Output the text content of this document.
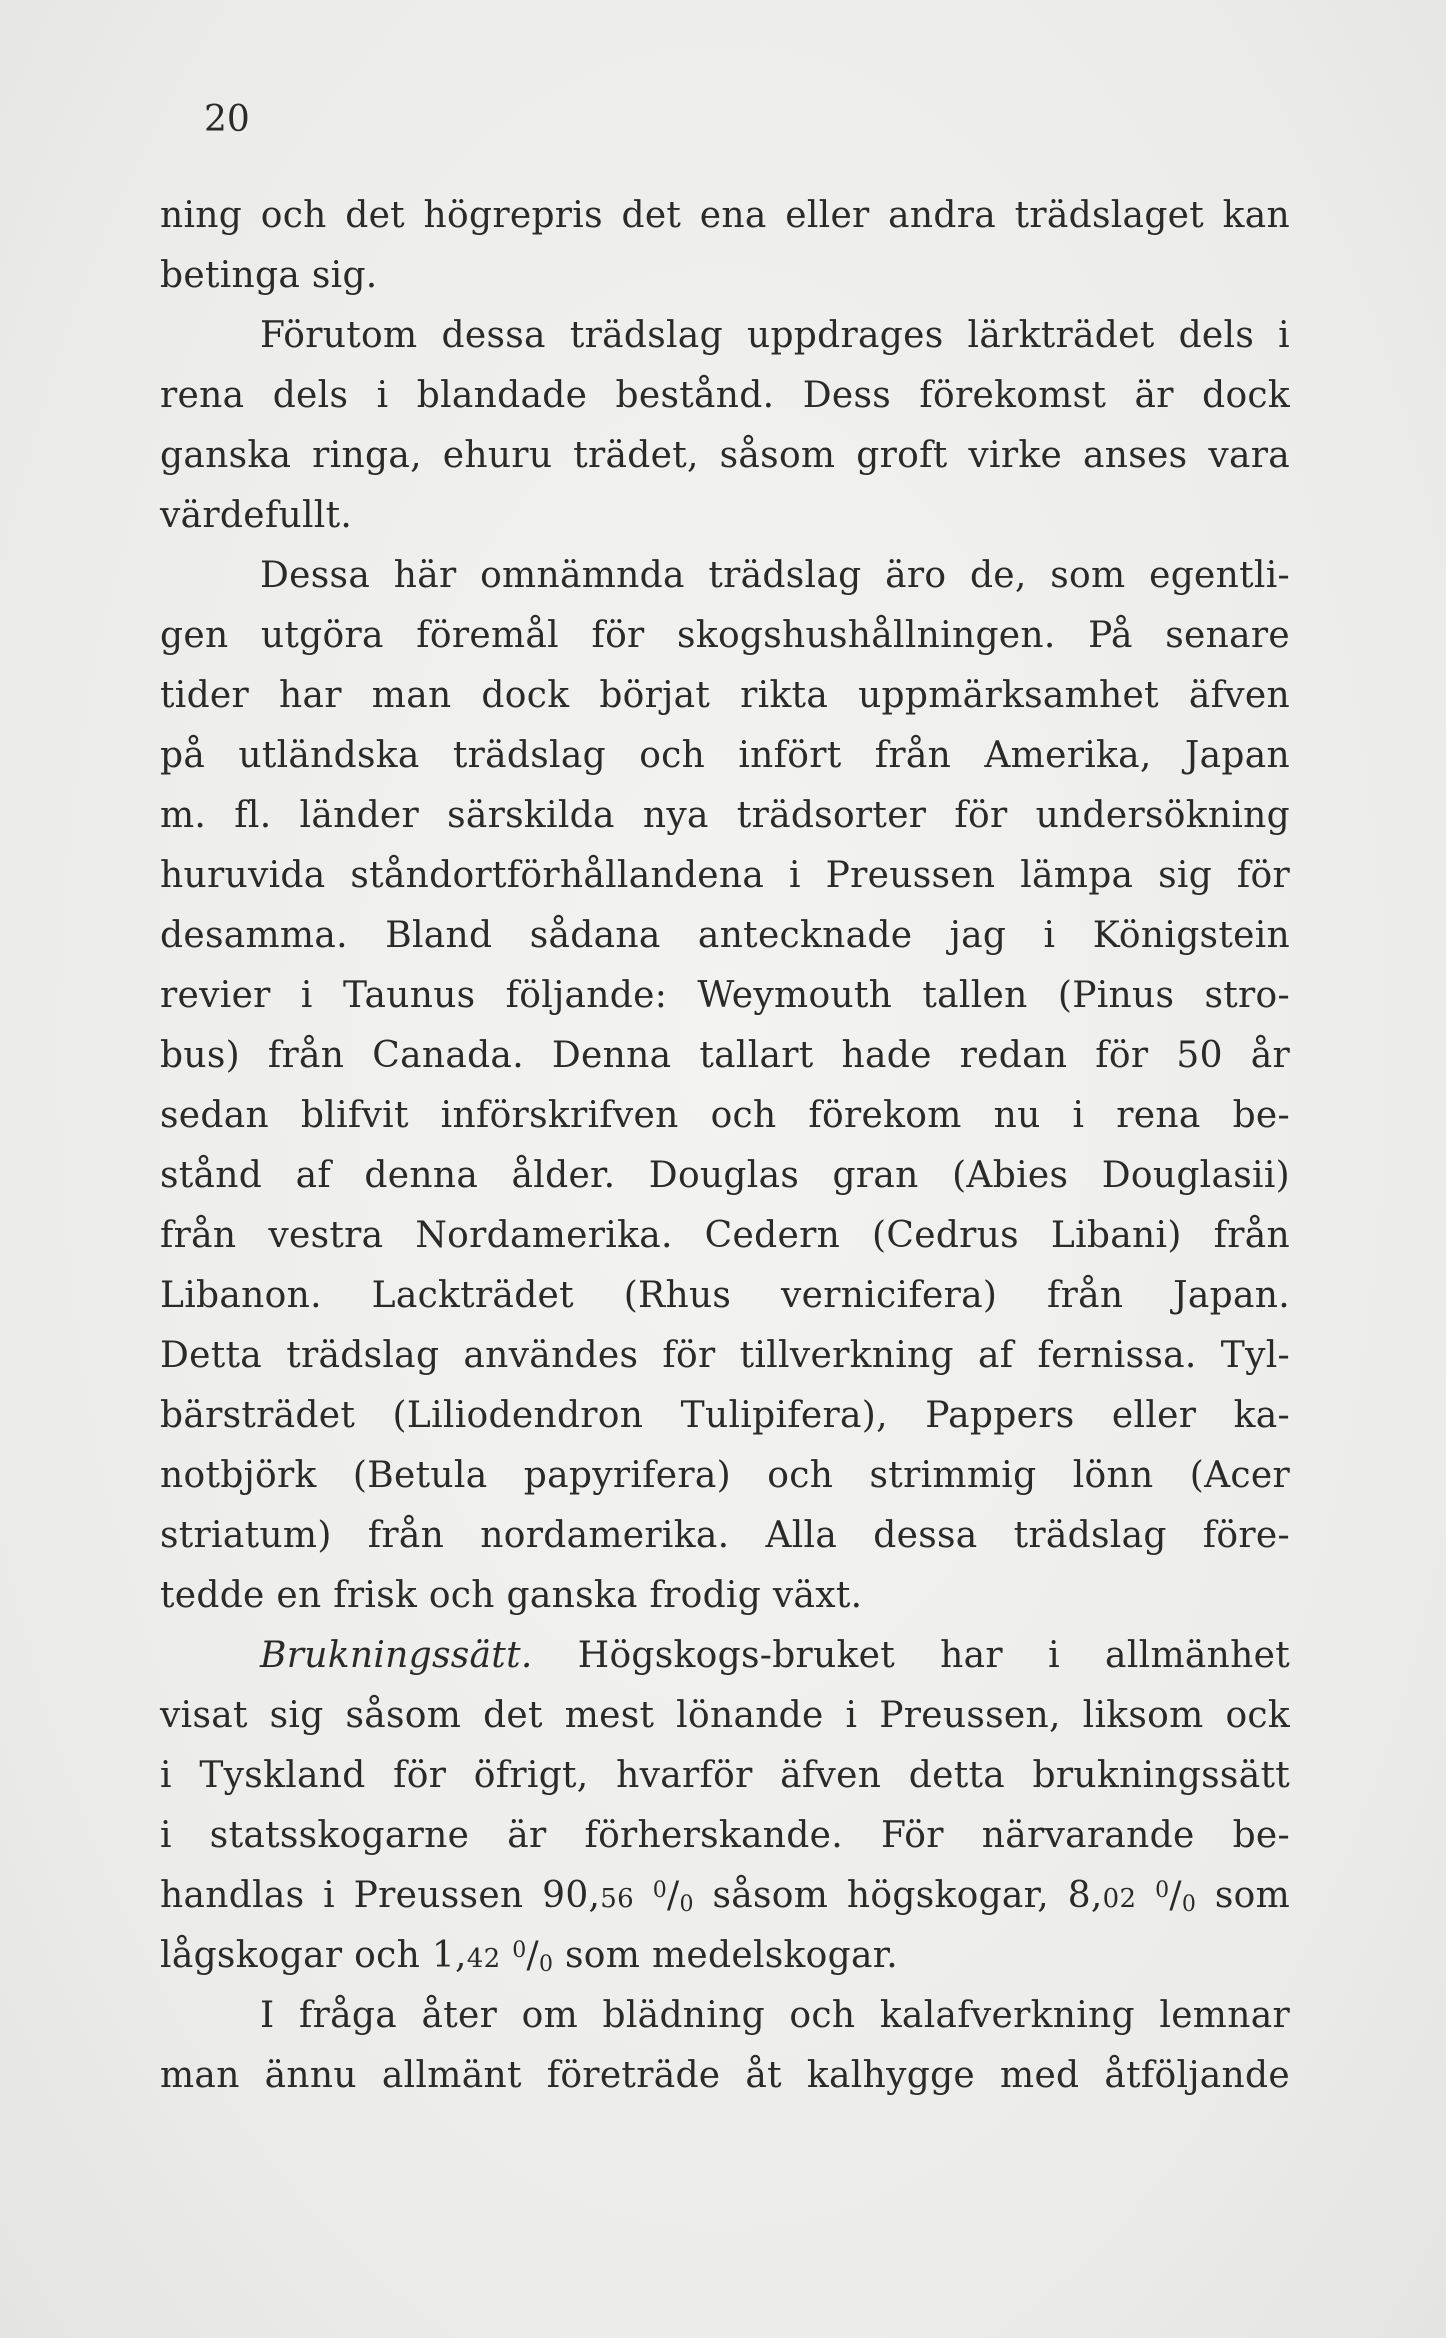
20
ning och det högrepris det ena eller andra trädslaget kan
betinga sig.
Förutom dessa trädslag uppdrages lärkträdet dels i
rena dels i blandade bestånd. Dess förekomst är dock
ganska ringa, ehuru trädet, såsom groft virke anses vara
värdefullt.
Dessa här omnämnda trädslag äro de, som egentli-
gen utgöra föremål för skogshushållningen. På senare
tider har man dock börjat rikta uppmärksamhet äfven
på utländska trädslag och infört från Amerika, Japan
m. fl. länder särskilda nya trädsorter för undersökning
huruvida ståndortförhållandena i Preussen lämpa sig för
desamma. Bland sådana antecknade jag i Königstein
revier i Taunus följande: Weymouth tallen (Pinus stro-
bus) från Canada. Denna tallart hade redan för 50 år
sedan blifvit införskrifven och förekom nu i rena be-
stånd af denna ålder. Douglas gran (Abies Douglasii)
från vestra Nordamerika. Cedern (Cedrus Libani) från
Libanon. Lackträdet (Rhus vernicifera) från Japan.
Detta trädslag användes för tillverkning af fernissa. Tyl-
bärsträdet (Liliodendron Tulipifera), Pappers eller ka-
notbjörk (Betula papyrifera) och strimmig lönn (Acer
striatum) från nordamerika. Alla dessa trädslag före-
tedde en frisk och ganska frodig växt.
Brukningssätt. Högskogs-bruket har i allmänhet
visat sig såsom det mest lönande i Preussen, liksom ock
i Tyskland för öfrigt, hvarför äfven detta brukningssätt
i statsskogarne är förherskande. För närvarande be-
handlas i Preussen 90,56 $^0/_0$ såsom högskogar, 8,02 $^0/_0$ som
lågskogar och 1,42 $^0/_0$ som medelskogar.
I fråga åter om blädning och kalafverkning lemnar
man ännu allmänt företräde åt kalhygge med åtföljande
